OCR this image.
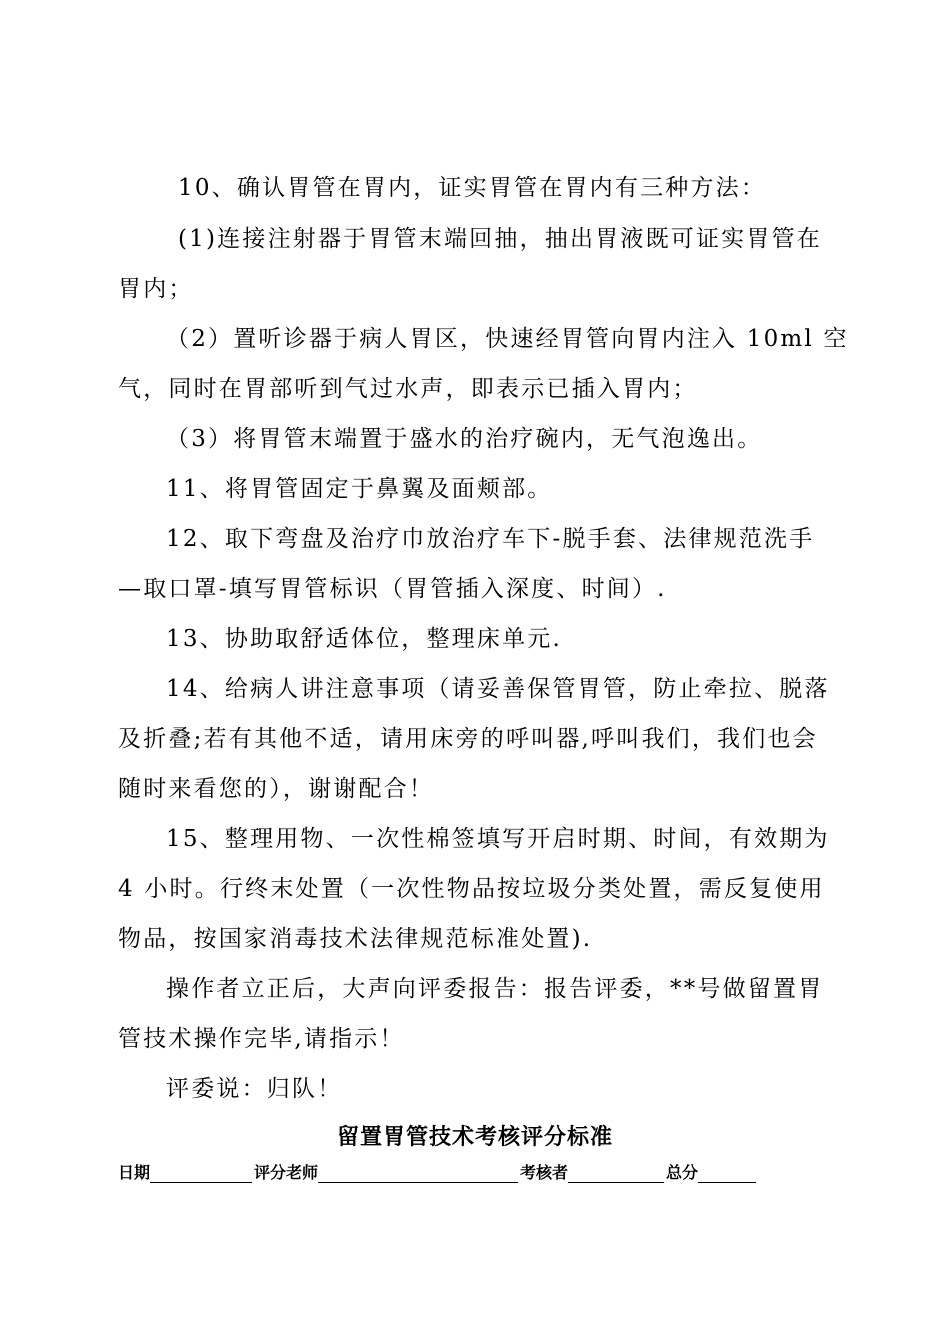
10、确认胃管在胃内，证实胃管在胃内有三种方法：

(1)连接注射器于胃管末端回抽，抽出胃液既可证实胃管在

胃内；

（2）置听诊器于病人胃区，快速经胃管向胃内注入 10ml 空

气，同时在胃部听到气过水声，即表示已插入胃内；

（3）将胃管末端置于盛水的治疗碗内，无气泡逸出。

11、将胃管固定于鼻翼及面颊部。

12、取下弯盘及治疗巾放治疗车下-脱手套、法律规范洗手

—取口罩-填写胃管标识（胃管插入深度、时间）.

13、协助取舒适体位，整理床单元.

14、给病人讲注意事项（请妥善保管胃管，防止牵拉、脱落

及折叠;若有其他不适，请用床旁的呼叫器,呼叫我们，我们也会

随时来看您的），谢谢配合！

15、整理用物、一次性棉签填写开启时期、时间，有效期为

4 小时。行终末处置（一次性物品按垃圾分类处置，需反复使用

物品，按国家消毒技术法律规范标准处置).

操作者立正后，大声向评委报告：报告评委，**号做留置胃

管技术操作完毕,请指示！

评委说：归队！

留置胃管技术考核评分标准
日期	评分老师	考核者	总分
